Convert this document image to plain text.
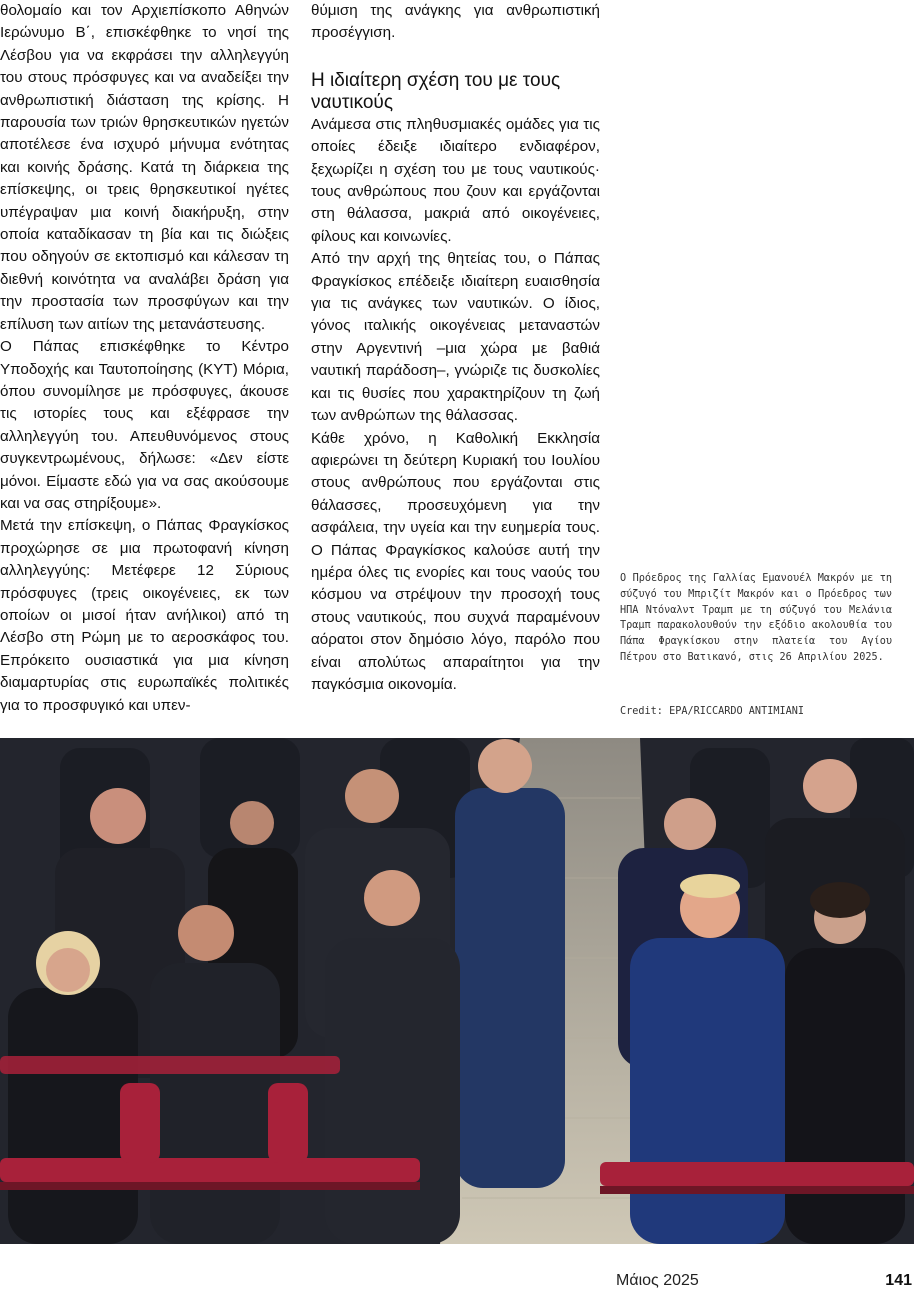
θολομαίο και τον Αρχιεπίσκοπο Αθηνών Ιερώνυμο Β΄, επισκέφθηκε το νησί της Λέσβου για να εκφράσει την αλληλεγγύη του στους πρόσφυγες και να αναδείξει την ανθρωπιστική διάσταση της κρίσης. Η παρουσία των τριών θρησκευτικών ηγετών αποτέλεσε ένα ισχυρό μήνυμα ενότητας και κοινής δράσης. Κατά τη διάρκεια της επίσκεψης, οι τρεις θρησκευτικοί ηγέτες υπέγραψαν μια κοινή διακήρυξη, στην οποία καταδίκασαν τη βία και τις διώξεις που οδηγούν σε εκτοπισμό και κάλεσαν τη διεθνή κοινότητα να αναλάβει δράση για την προστασία των προσφύγων και την επίλυση των αιτίων της μετανάστευσης.

Ο Πάπας επισκέφθηκε το Κέντρο Υποδοχής και Ταυτοποίησης (ΚΥΤ) Μόρια, όπου συνομίλησε με πρόσφυγες, άκουσε τις ιστορίες τους και εξέφρασε την αλληλεγγύη του. Απευθυνόμενος στους συγκεντρωμένους, δήλωσε: «Δεν είστε μόνοι. Είμαστε εδώ για να σας ακούσουμε και να σας στηρίξουμε».

Μετά την επίσκεψη, ο Πάπας Φραγκίσκος προχώρησε σε μια πρωτοφανή κίνηση αλληλεγγύης: Μετέφερε 12 Σύριους πρόσφυγες (τρεις οικογένειες, εκ των οποίων οι μισοί ήταν ανήλικοι) από τη Λέσβο στη Ρώμη με το αεροσκάφος του. Επρόκειτο ουσιαστικά για μια κίνηση διαμαρτυρίας στις ευρωπαϊκές πολιτικές για το προσφυγικό και υπεν-

θύμιση της ανάγκης για ανθρωπιστική προσέγγιση.

Η ιδιαίτερη σχέση του με τους ναυτικούς

Ανάμεσα στις πληθυσμιακές ομάδες για τις οποίες έδειξε ιδιαίτερο ενδιαφέρον, ξεχωρίζει η σχέση του με τους ναυτικούς· τους ανθρώπους που ζουν και εργάζονται στη θάλασσα, μακριά από οικογένειες, φίλους και κοινωνίες.

Από την αρχή της θητείας του, ο Πάπας Φραγκίσκος επέδειξε ιδιαίτερη ευαισθησία για τις ανάγκες των ναυτικών. Ο ίδιος, γόνος ιταλικής οικογένειας μεταναστών στην Αργεντινή –μια χώρα με βαθιά ναυτική παράδοση–, γνώριζε τις δυσκολίες και τις θυσίες που χαρακτηρίζουν τη ζωή των ανθρώπων της θάλασσας.

Κάθε χρόνο, η Καθολική Εκκλησία αφιερώνει τη δεύτερη Κυριακή του Ιουλίου στους ανθρώπους που εργάζονται στις θάλασσες, προσευχόμενη για την ασφάλεια, την υγεία και την ευημερία τους. Ο Πάπας Φραγκίσκος καλούσε αυτή την ημέρα όλες τις ενορίες και τους ναούς του κόσμου να στρέψουν την προσοχή τους στους ναυτικούς, που συχνά παραμένουν αόρατοι στον δημόσιο λόγο, παρόλο που είναι απολύτως απαραίτητοι για την παγκόσμια οικονομία.

Ο Πρόεδρος της Γαλλίας Εμανουέλ Μακρόν με τη σύζυγό του Μπριζίτ Μακρόν και ο Πρόεδρος των ΗΠΑ Ντόναλντ Τραμπ με τη σύζυγό του Μελάνια Τραμπ παρακολουθούν την εξόδιο ακολουθία του Πάπα Φραγκίσκου στην πλατεία του Αγίου Πέτρου στο Βατικανό, στις 26 Απριλίου 2025.
Credit: EPA/RICCARDO ANTIMIANI
Μάιος 2025	141
